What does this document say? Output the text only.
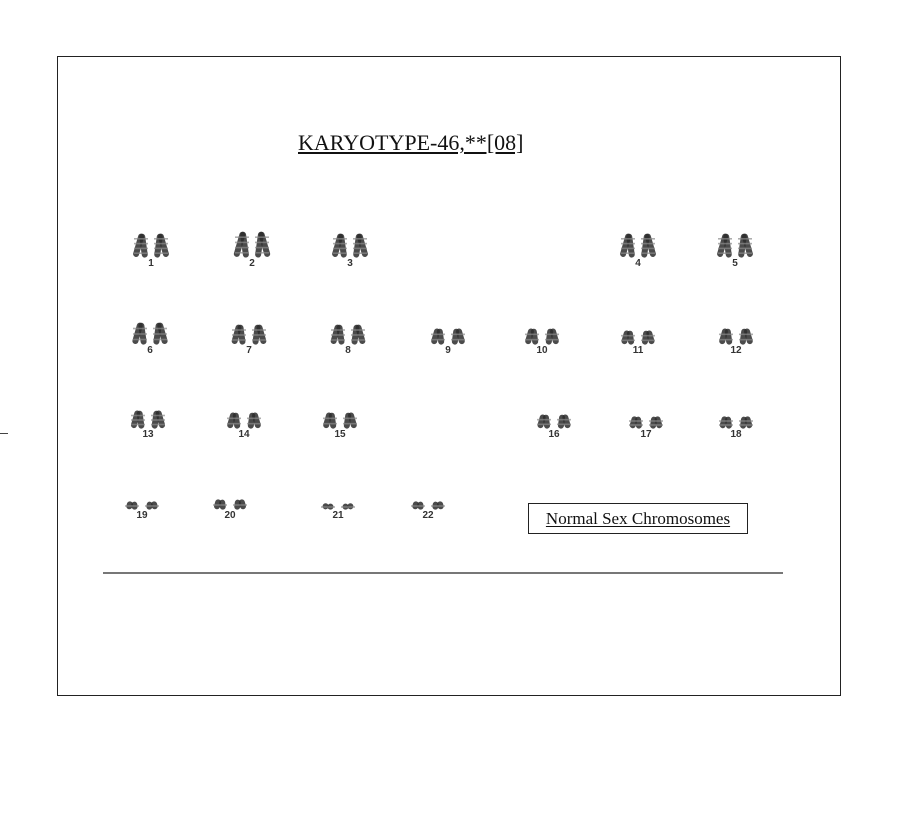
KARYOTYPE-46,**[08]
1	2	3	4	5
6	7	8	9	10	11	12
13	14	15	16	17	18
19	20	21	22	Normal Sex Chromosomes
